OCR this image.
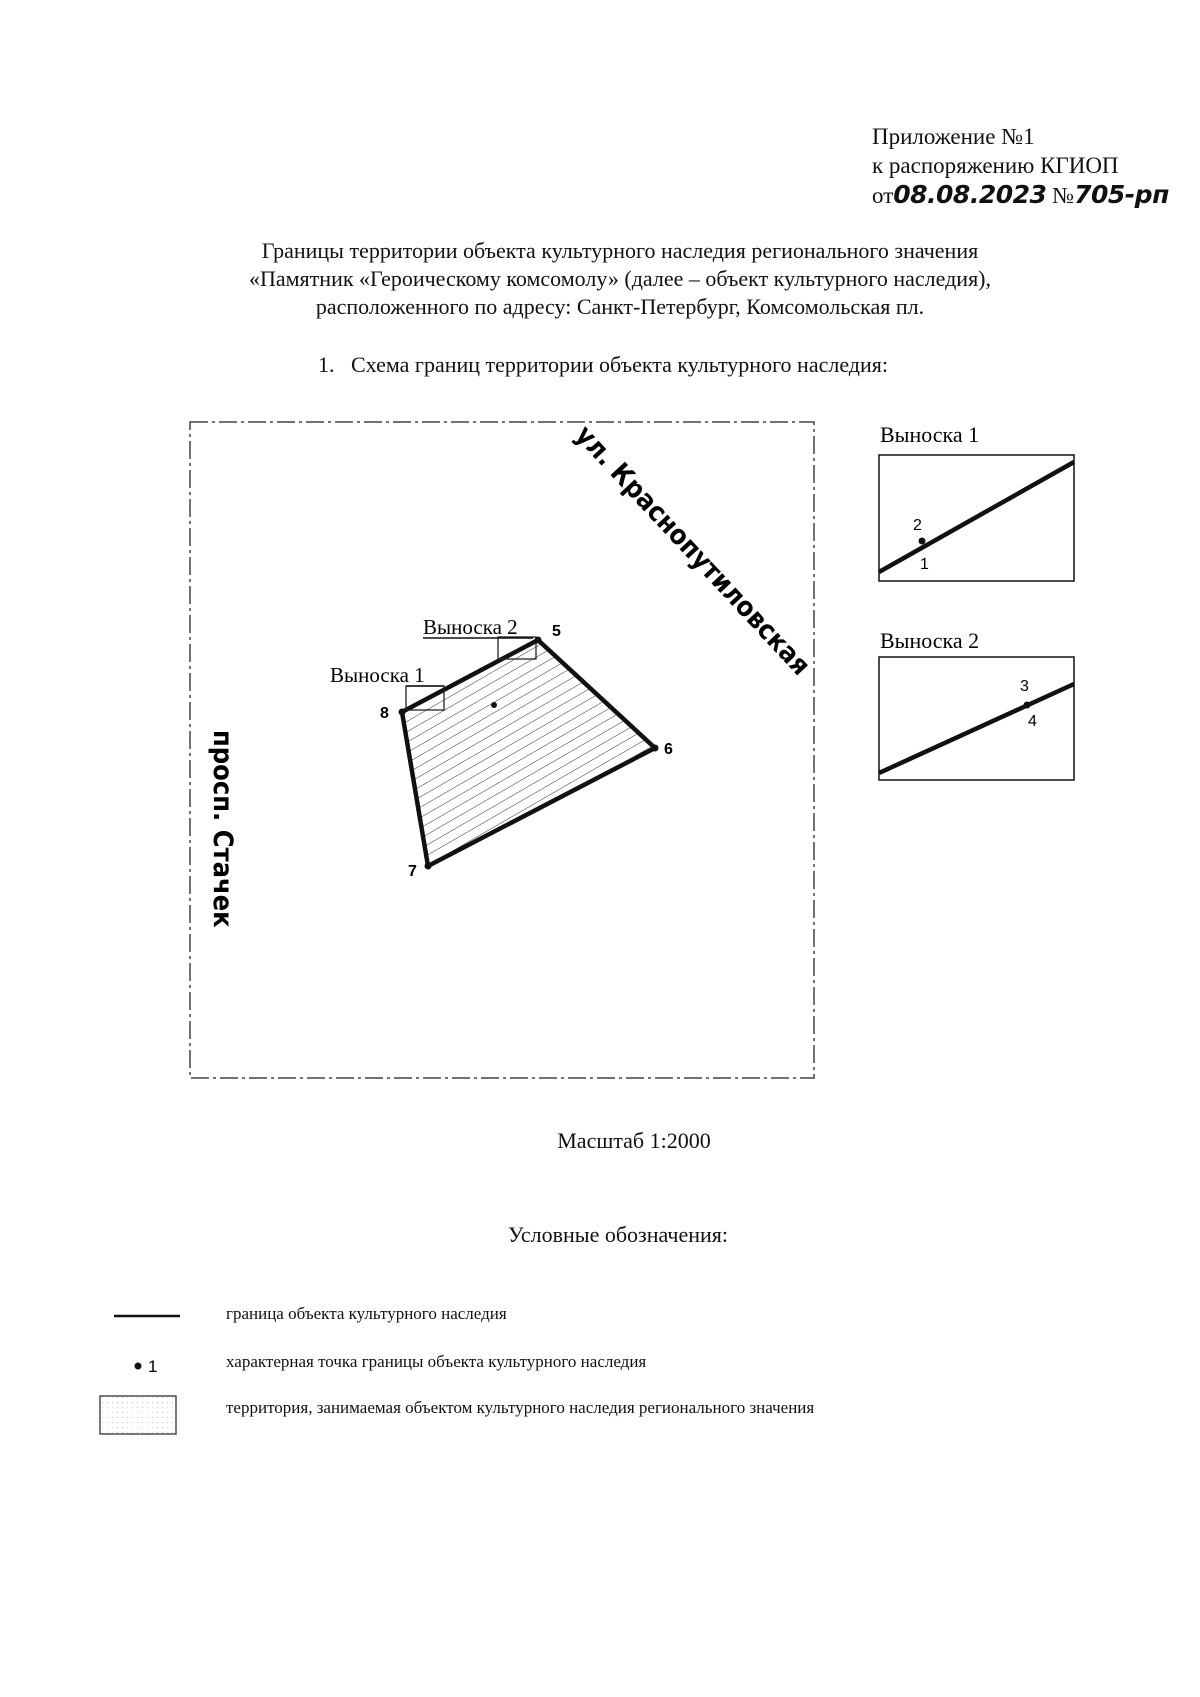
Приложение №1
к распоряжению КГИОП
от08.08.2023 №705-рп
Границы территории объекта культурного наследия регионального значения
«Памятник «Героическому комсомолу» (далее – объект культурного наследия),
расположенного по адресу: Санкт-Петербург, Комсомольская пл.
1. Схема границ территории объекта культурного наследия:
8
5
6
7
Выноска 1
Выноска 2 ул. Краснопутиловская
просп. Стачек
Выноска 1
2
1
Выноска 2
3
4
1
Масштаб 1:2000
Условные обозначения:
граница объекта культурного наследия
характерная точка границы объекта культурного наследия
территория, занимаемая объектом культурного наследия регионального значения
